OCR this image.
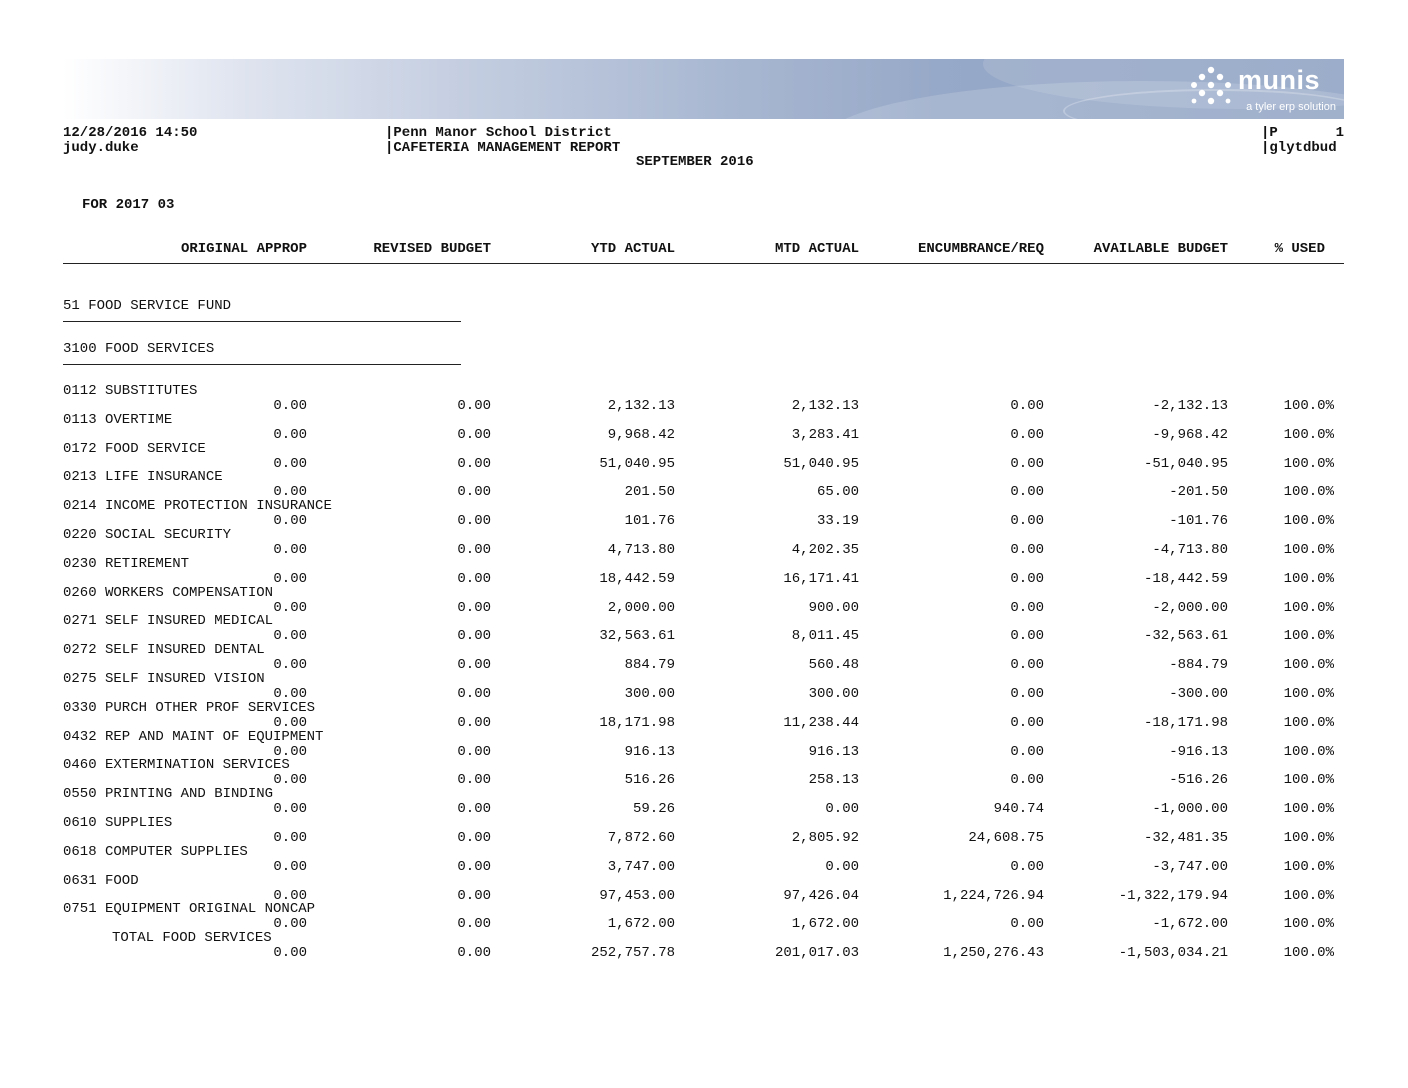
munis
a tyler erp solution
12/28/2016 14:50
judy.duke
|Penn Manor School District
|CAFETERIA MANAGEMENT REPORT
SEPTEMBER 2016
|P	1
|glytdbud
FOR 2017 03
ORIGINAL APPROP	REVISED BUDGET	YTD ACTUAL	MTD ACTUAL	ENCUMBRANCE/REQ	AVAILABLE BUDGET	% USED
51 FOOD SERVICE FUND
3100 FOOD SERVICES
0112 SUBSTITUTES
0.00	0.00	2,132.13	2,132.13	0.00	-2,132.13	100.0%
0113 OVERTIME
0.00	0.00	9,968.42	3,283.41	0.00	-9,968.42	100.0%
0172 FOOD SERVICE
0.00	0.00	51,040.95	51,040.95	0.00	-51,040.95	100.0%
0213 LIFE INSURANCE
0.00	0.00	201.50	65.00	0.00	-201.50	100.0%
0214 INCOME PROTECTION INSURANCE
0.00	0.00	101.76	33.19	0.00	-101.76	100.0%
0220 SOCIAL SECURITY
0.00	0.00	4,713.80	4,202.35	0.00	-4,713.80	100.0%
0230 RETIREMENT
0.00	0.00	18,442.59	16,171.41	0.00	-18,442.59	100.0%
0260 WORKERS COMPENSATION
0.00	0.00	2,000.00	900.00	0.00	-2,000.00	100.0%
0271 SELF INSURED MEDICAL
0.00	0.00	32,563.61	8,011.45	0.00	-32,563.61	100.0%
0272 SELF INSURED DENTAL
0.00	0.00	884.79	560.48	0.00	-884.79	100.0%
0275 SELF INSURED VISION
0.00	0.00	300.00	300.00	0.00	-300.00	100.0%
0330 PURCH OTHER PROF SERVICES
0.00	0.00	18,171.98	11,238.44	0.00	-18,171.98	100.0%
0432 REP AND MAINT OF EQUIPMENT
0.00	0.00	916.13	916.13	0.00	-916.13	100.0%
0460 EXTERMINATION SERVICES
0.00	0.00	516.26	258.13	0.00	-516.26	100.0%
0550 PRINTING AND BINDING
0.00	0.00	59.26	0.00	940.74	-1,000.00	100.0%
0610 SUPPLIES
0.00	0.00	7,872.60	2,805.92	24,608.75	-32,481.35	100.0%
0618 COMPUTER SUPPLIES
0.00	0.00	3,747.00	0.00	0.00	-3,747.00	100.0%
0631 FOOD
0.00	0.00	97,453.00	97,426.04	1,224,726.94	-1,322,179.94	100.0%
0751 EQUIPMENT ORIGINAL NONCAP
0.00	0.00	1,672.00	1,672.00	0.00	-1,672.00	100.0%
TOTAL FOOD SERVICES
0.00	0.00	252,757.78	201,017.03	1,250,276.43	-1,503,034.21	100.0%
